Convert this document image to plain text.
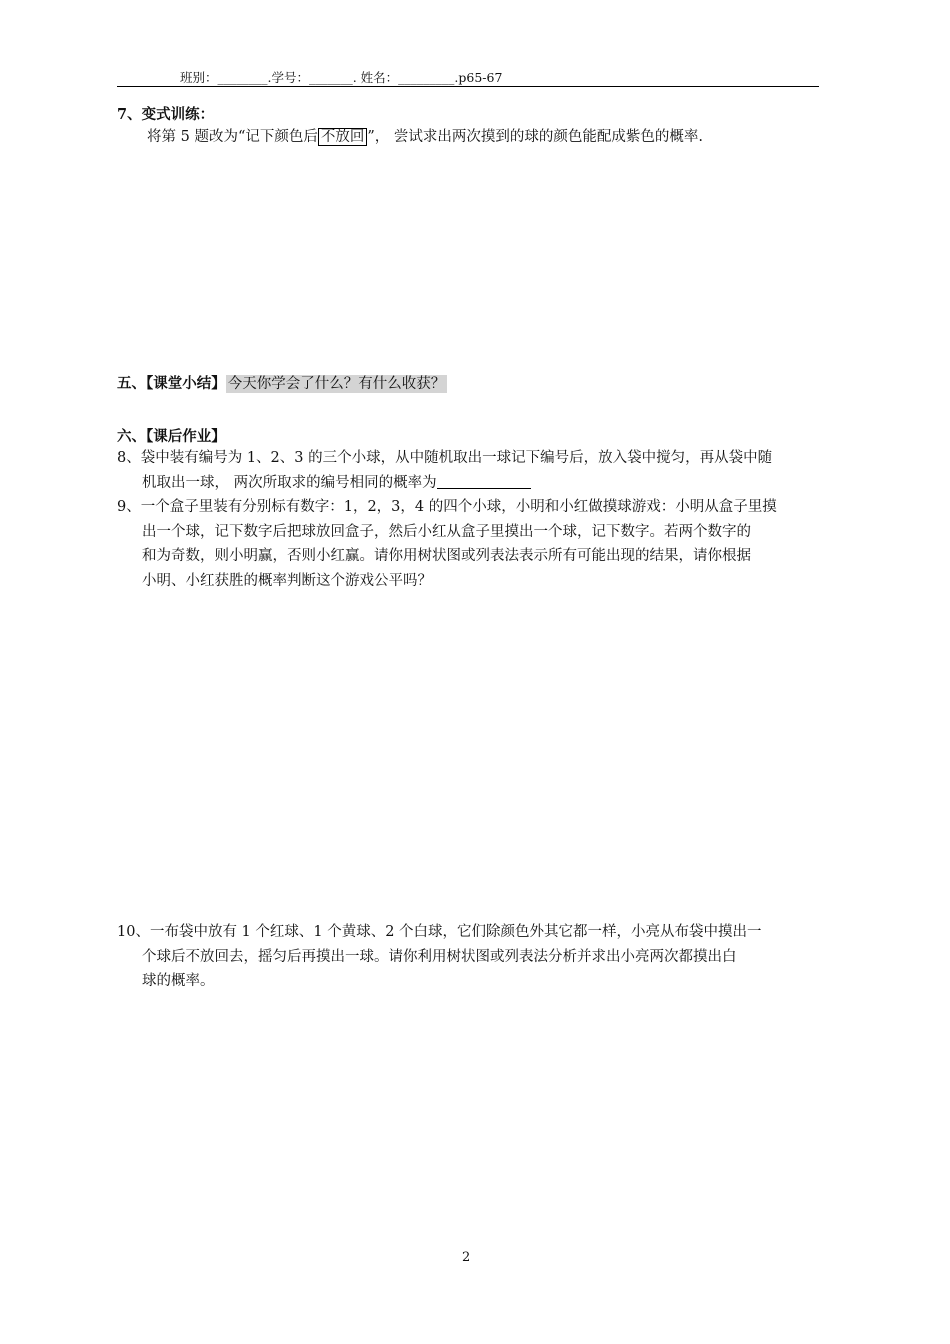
班别：________.学号：_______. 姓名：_________.p65-67
7、变式训练：
将第 5 题改为“记下颜色后 不放回 ”， 尝试求出两次摸到的球的颜色能配成紫色的概率.
五、【课堂小结】 今天你学会了什么？有什么收获？
六、【课后作业】
8、袋中装有编号为 1、2、3 的三个小球，从中随机取出一球记下编号后，放入袋中搅匀，再从袋中随
机取出一球， 两次所取求的编号相同的概率为
9、一个盒子里装有分别标有数字：1，2，3，4 的四个小球，小明和小红做摸球游戏：小明从盒子里摸
出一个球，记下数字后把球放回盒子，然后小红从盒子里摸出一个球，记下数字。若两个数字的
和为奇数，则小明赢，否则小红赢。请你用树状图或列表法表示所有可能出现的结果，请你根据
小明、小红获胜的概率判断这个游戏公平吗？
10、一布袋中放有 1 个红球、1 个黄球、2 个白球，它们除颜色外其它都一样，小亮从布袋中摸出一
个球后不放回去，摇匀后再摸出一球。请你利用树状图或列表法分析并求出小亮两次都摸出白
球的概率。
2
